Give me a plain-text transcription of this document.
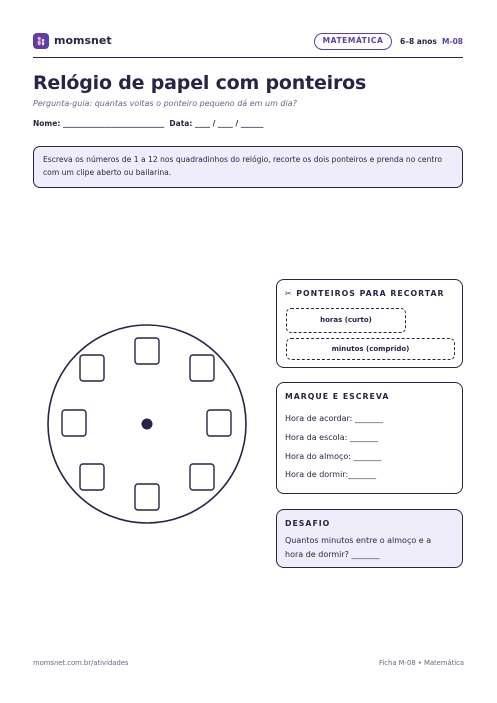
momsnet	MATEMÁTICA	6–8 anos M-08
Relógio de papel com ponteiros
Pergunta-guia: quantas voltas o ponteiro pequeno dá em um dia?
Nome: ___________________________  Data: ____ / ____ / ______
Escreva os números de 1 a 12 nos quadradinhos do relógio, recorte os dois ponteiros e prenda no centro com um clipe aberto ou bailarina.
✂ PONTEIROS PARA RECORTAR
horas (curto)
minutos (comprido)
MARQUE E ESCREVA
Hora de acordar: _______
Hora da escola: _______
Hora do almoço: _______
Hora de dormir:_______
DESAFIO
Quantos minutos entre o almoço e a hora de dormir? _______
momsnet.com.br/atividades	Ficha M-08 • Matemática
